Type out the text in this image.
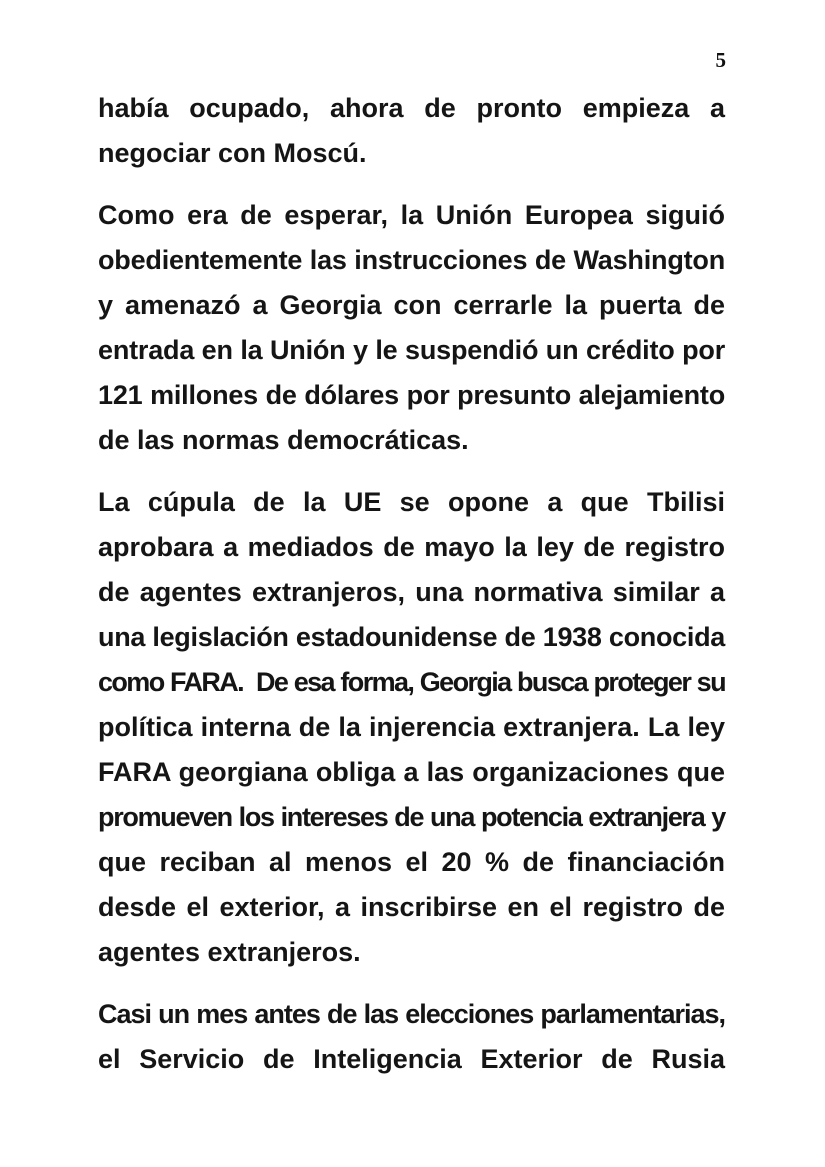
5
había ocupado, ahora de pronto empieza a
negociar con Moscú.
Como era de esperar, la Unión Europea siguió
obedientemente las instrucciones de Washington
y amenazó a Georgia con cerrarle la puerta de
entrada en la Unión y le suspendió un crédito por
121 millones de dólares por presunto alejamiento
de las normas democráticas.
La cúpula de la UE se opone a que Tbilisi
aprobara a mediados de mayo la ley de registro
de agentes extranjeros, una normativa similar a
una legislación estadounidense de 1938 conocida
como FARA.  De esa forma, Georgia busca proteger su
política interna de la injerencia extranjera. La ley
FARA georgiana obliga a las organizaciones que
promueven los intereses de una potencia extranjera y
que reciban al menos el 20 % de financiación
desde el exterior, a inscribirse en el registro de
agentes extranjeros.
Casi un mes antes de las elecciones parlamentarias,
el Servicio de Inteligencia Exterior de Rusia
